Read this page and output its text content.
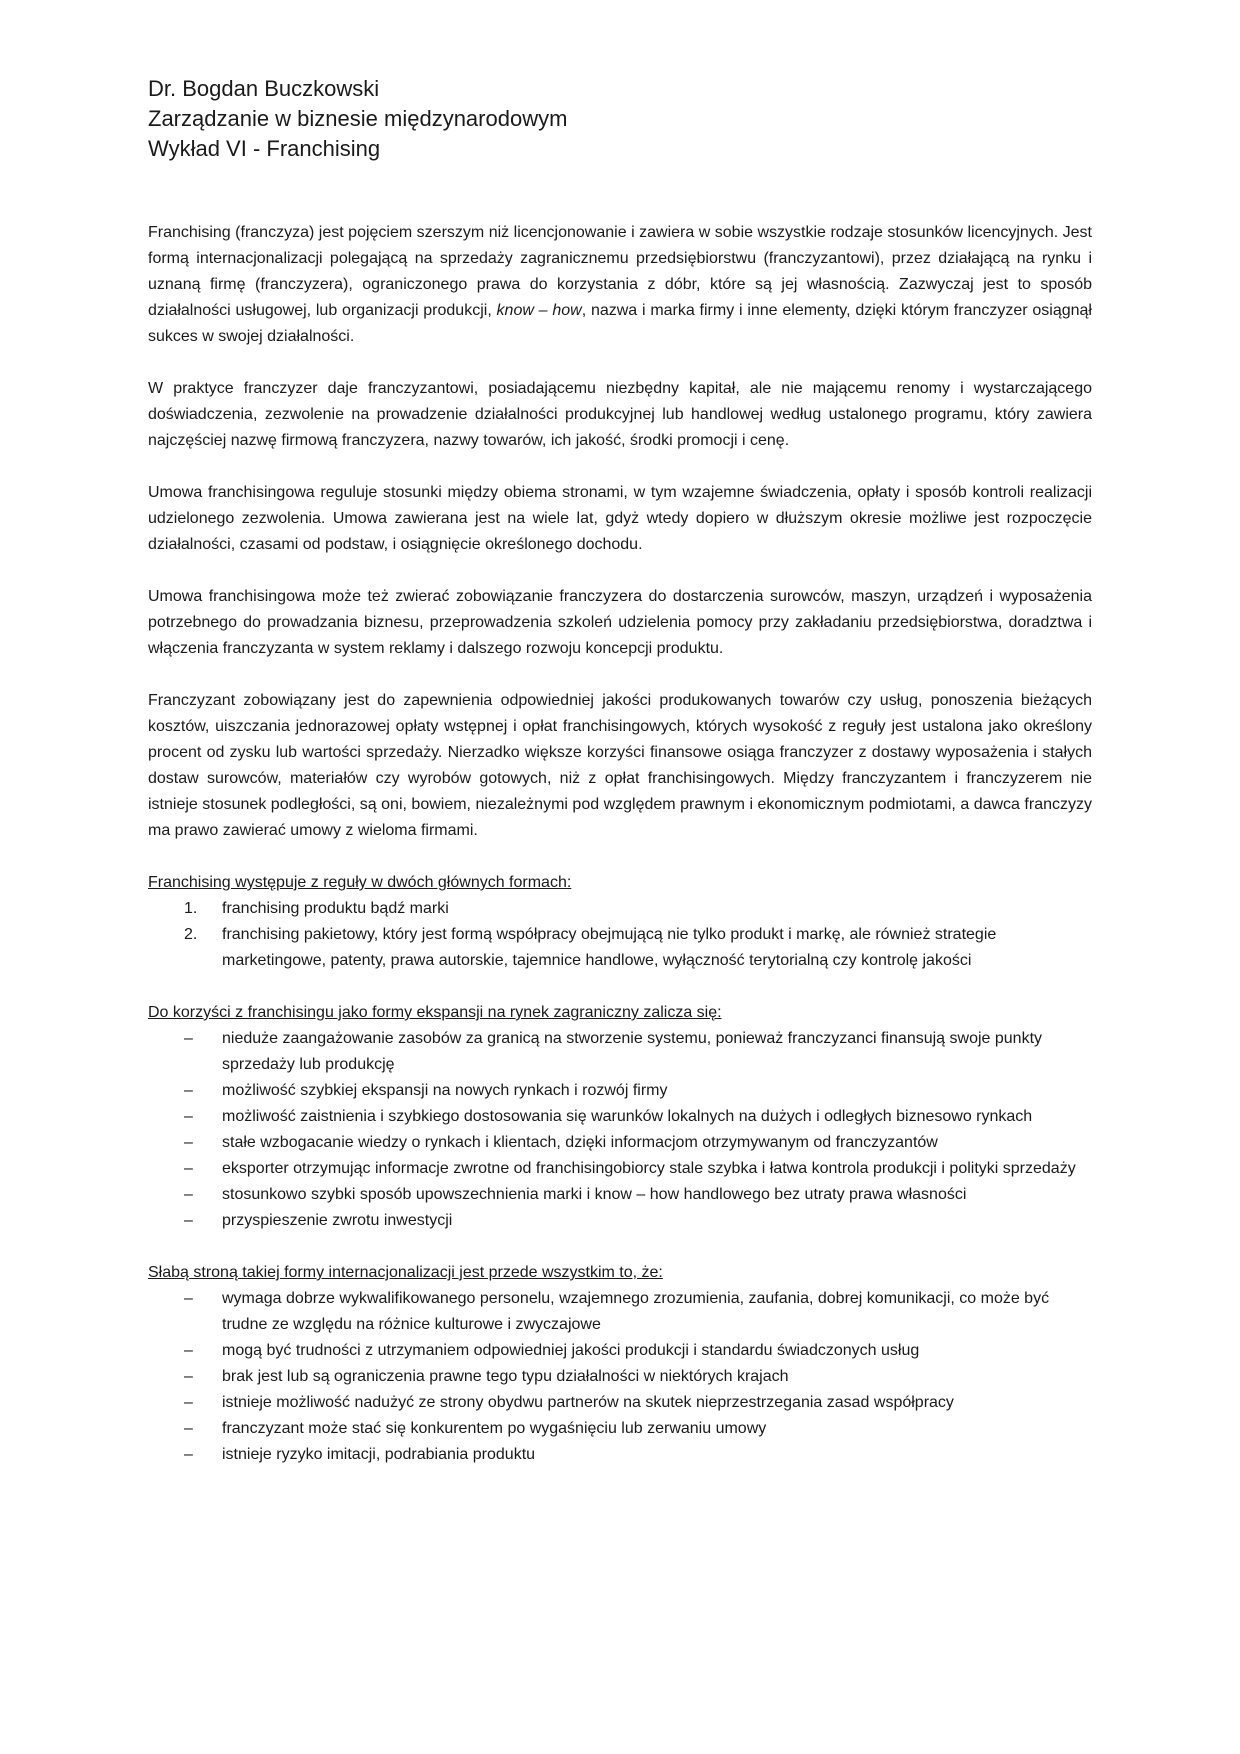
Dr. Bogdan Buczkowski

Zarządzanie w biznesie międzynarodowym

Wykład VI - Franchising

Franchising (franczyza) jest pojęciem szerszym niż licencjonowanie i zawiera w sobie wszystkie rodzaje stosunków licencyjnych. Jest formą internacjonalizacji polegającą na sprzedaży zagranicznemu przedsiębiorstwu (franczyzantowi), przez działającą na rynku i uznaną firmę (franczyzera), ograniczonego prawa do korzystania z dóbr, które są jej własnością. Zazwyczaj jest to sposób działalności usługowej, lub organizacji produkcji, know – how, nazwa i marka firmy i inne elementy, dzięki którym franczyzer osiągnął sukces w swojej działalności.

W praktyce franczyzer daje franczyzantowi, posiadającemu niezbędny kapitał, ale nie mającemu renomy i wystarczającego doświadczenia, zezwolenie na prowadzenie działalności produkcyjnej lub handlowej według ustalonego programu, który zawiera najczęściej nazwę firmową franczyzera, nazwy towarów, ich jakość, środki promocji i cenę.

Umowa franchisingowa reguluje stosunki między obiema stronami, w tym wzajemne świadczenia, opłaty i sposób kontroli realizacji udzielonego zezwolenia. Umowa zawierana jest na wiele lat, gdyż wtedy dopiero w dłuższym okresie możliwe jest rozpoczęcie działalności, czasami od podstaw, i osiągnięcie określonego dochodu.

Umowa franchisingowa może też zwierać zobowiązanie franczyzera do dostarczenia surowców, maszyn, urządzeń i wyposażenia potrzebnego do prowadzania biznesu, przeprowadzenia szkoleń udzielenia pomocy przy zakładaniu przedsiębiorstwa, doradztwa i włączenia franczyzanta w system reklamy i dalszego rozwoju koncepcji produktu.

Franczyzant zobowiązany jest do zapewnienia odpowiedniej jakości produkowanych towarów czy usług, ponoszenia bieżących kosztów, uiszczania jednorazowej opłaty wstępnej i opłat franchisingowych, których wysokość z reguły jest ustalona jako określony procent od zysku lub wartości sprzedaży. Nierzadko większe korzyści finansowe osiąga franczyzer z dostawy wyposażenia i stałych dostaw surowców, materiałów czy wyrobów gotowych, niż z opłat franchisingowych. Między franczyzantem i franczyzerem nie istnieje stosunek podległości, są oni, bowiem, niezależnymi pod względem prawnym i ekonomicznym podmiotami, a dawca franczyzy ma prawo zawierać umowy z wieloma firmami.

Franchising występuje z reguły w dwóch głównych formach:

1. franchising produktu bądź marki
2. franchising pakietowy, który jest formą współpracy obejmującą nie tylko produkt i markę, ale również strategie marketingowe, patenty, prawa autorskie, tajemnice handlowe, wyłączność terytorialną czy kontrolę jakości

Do korzyści z franchisingu jako formy ekspansji na rynek zagraniczny zalicza się:

– nieduże zaangażowanie zasobów za granicą na stworzenie systemu, ponieważ franczyzanci finansują swoje punkty sprzedaży lub produkcję
– możliwość szybkiej ekspansji na nowych rynkach i rozwój firmy
– możliwość zaistnienia i szybkiego dostosowania się warunków lokalnych na dużych i odległych biznesowo rynkach
– stałe wzbogacanie wiedzy o rynkach i klientach, dzięki informacjom otrzymywanym od franczyzantów
– eksporter otrzymując informacje zwrotne od franchisingobiorcy stale szybka i łatwa kontrola produkcji i polityki sprzedaży
– stosunkowo szybki sposób upowszechnienia marki i know – how handlowego bez utraty prawa własności
– przyspieszenie zwrotu inwestycji

Słabą stroną takiej formy internacjonalizacji jest przede wszystkim to, że:

– wymaga dobrze wykwalifikowanego personelu, wzajemnego zrozumienia, zaufania, dobrej komunikacji, co może być trudne ze względu na różnice kulturowe i zwyczajowe
– mogą być trudności z utrzymaniem odpowiedniej jakości produkcji i standardu świadczonych usług
– brak jest lub są ograniczenia prawne tego typu działalności w niektórych krajach
– istnieje możliwość nadużyć ze strony obydwu partnerów na skutek nieprzestrzegania zasad współpracy
– franczyzant może stać się konkurentem po wygaśnięciu lub zerwaniu umowy
– istnieje ryzyko imitacji, podrabiania produktu
